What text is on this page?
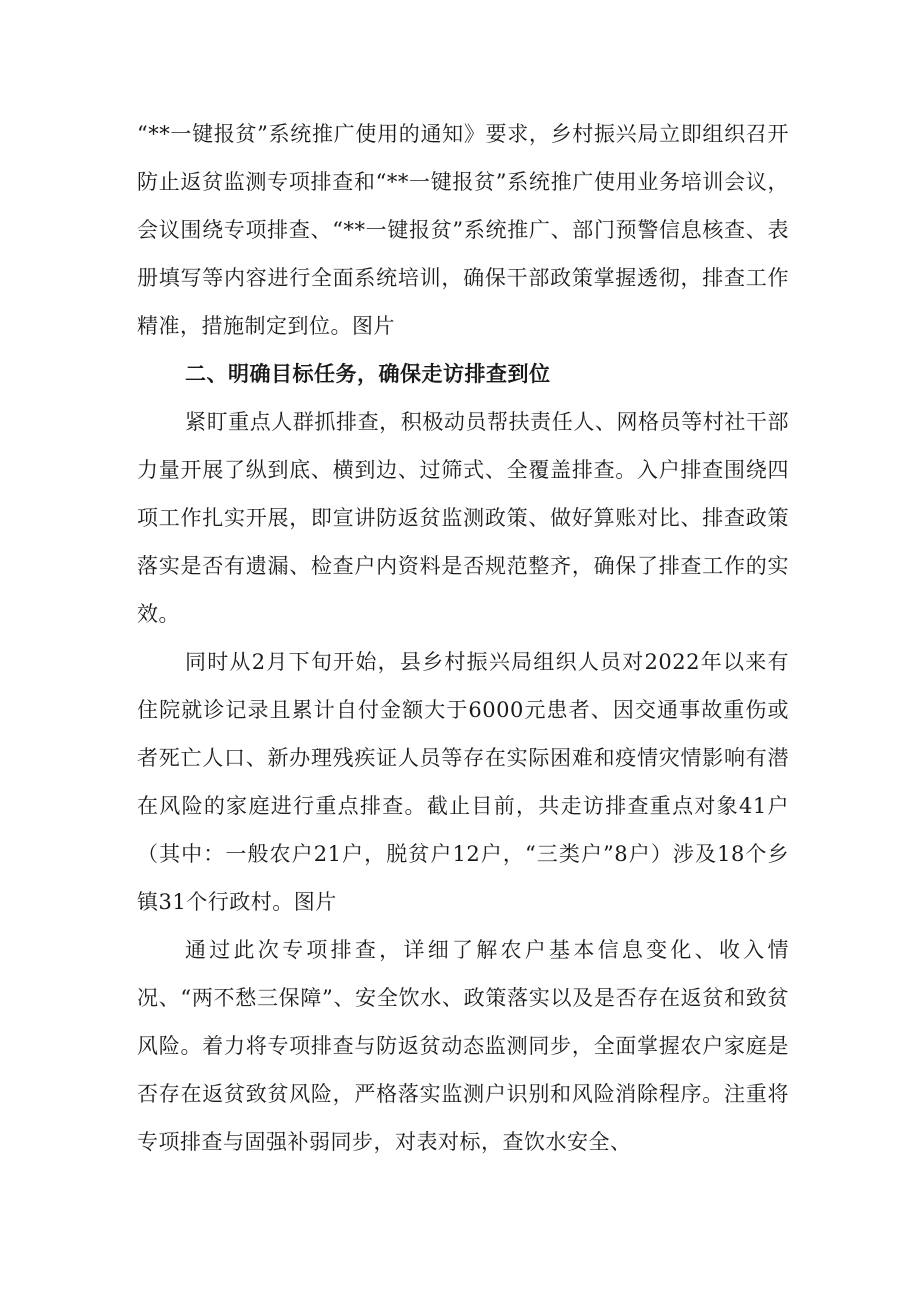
“**一键报贫”系统推广使用的通知》要求，乡村振兴局立即组织召开防止返贫监测专项排查和“**一键报贫”系统推广使用业务培训会议，会议围绕专项排查、“**一键报贫”系统推广、部门预警信息核查、表册填写等内容进行全面系统培训，确保干部政策掌握透彻，排查工作精准，措施制定到位。图片

二、明确目标任务，确保走访排查到位

紧盯重点人群抓排查，积极动员帮扶责任人、网格员等村社干部力量开展了纵到底、横到边、过筛式、全覆盖排查。入户排查围绕四项工作扎实开展，即宣讲防返贫监测政策、做好算账对比、排查政策落实是否有遗漏、检查户内资料是否规范整齐，确保了排查工作的实效。

同时从2月下旬开始，县乡村振兴局组织人员对2022年以来有住院就诊记录且累计自付金额大于6000元患者、因交通事故重伤或者死亡人口、新办理残疾证人员等存在实际困难和疫情灾情影响有潜在风险的家庭进行重点排查。截止目前，共走访排查重点对象41户（其中：一般农户21户，脱贫户12户，“三类户”8户）涉及18个乡镇31个行政村。图片

通过此次专项排查，详细了解农户基本信息变化、收入情况、“两不愁三保障”、安全饮水、政策落实以及是否存在返贫和致贫风险。着力将专项排查与防返贫动态监测同步，全面掌握农户家庭是否存在返贫致贫风险，严格落实监测户识别和风险消除程序。注重将专项排查与固强补弱同步，对表对标，查饮水安全、
